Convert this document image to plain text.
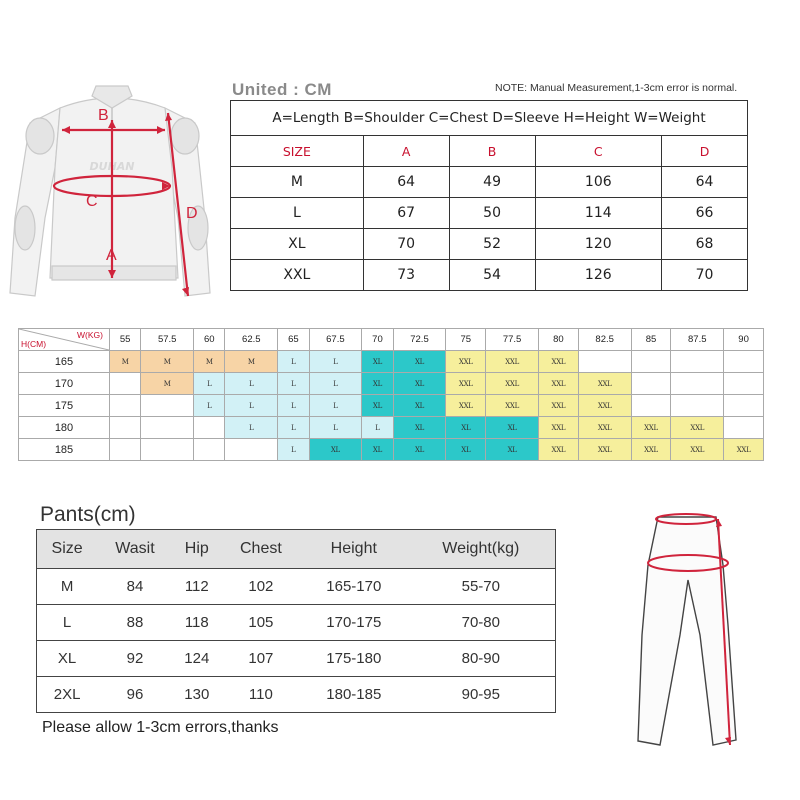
DUHAN
B
C
D
A
United : CM	NOTE: Manual Measurement,1-3cm error is normal.
A=Length B=Shoulder C=Chest D=Sleeve H=Height W=Weight				
SIZE	A	B	C	D
M	64	49	106	64
L	67	50	114	66
XL	70	52	120	68
XXL	73	54	126	70
W(KG)
H(CM)	55	57.5	60	62.5	65	67.5	70	72.5	75	77.5	80	82.5	85	87.5	90
165	M	M	M	M	L	L	XL	XL	XXL	XXL	XXL				
170		M	L	L	L	L	XL	XL	XXL	XXL	XXL	XXL			
175			L	L	L	L	XL	XL	XXL	XXL	XXL	XXL			
180				L	L	L	L	XL	XL	XL	XXL	XXL	XXL	XXL	
185					L	XL	XL	XL	XL	XL	XXL	XXL	XXL	XXL	XXL
Pants(cm)
Size	Wasit	Hip	Chest	Height	Weight(kg)
M	84	112	102	165-170	55-70
L	88	118	105	170-175	70-80
XL	92	124	107	175-180	80-90
2XL	96	130	110	180-185	90-95
Please allow 1-3cm errors,thanks
